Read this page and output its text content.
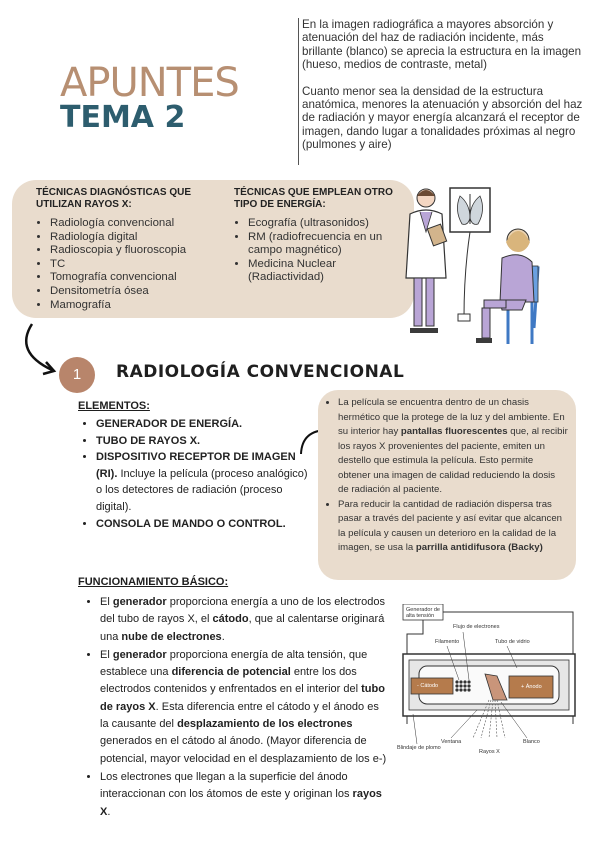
APUNTES
TEMA 2

En la imagen radiográfica a mayores absorción y atenuación del haz de radiación incidente, más brillante (blanco) se aprecia la estructura en la imagen (hueso, medios de contraste, metal)

Cuanto menor sea la densidad de la estructura anatómica, menores la atenuación y absorción del haz de radiación y mayor energía alcanzará el receptor de imagen, dando lugar a tonalidades próximas al negro (pulmones y aire)

TÉCNICAS DIAGNÓSTICAS QUE UTILIZAN RAYOS X:
• Radiología convencional
• Radiología digital
• Radioscopia y fluoroscopia
• TC
• Tomografía convencional
• Densitometría ósea
• Mamografía
TÉCNICAS QUE EMPLEAN OTRO TIPO DE ENERGÍA:
• Ecografía (ultrasonidos)
• RM (radiofrecuencia en un campo magnético)
• Medicina Nuclear (Radiactividad)
1	RADIOLOGÍA CONVENCIONAL
ELEMENTOS:
• GENERADOR DE ENERGÍA.
• TUBO DE RAYOS X.
• DISPOSITIVO RECEPTOR DE IMAGEN (RI). Incluye la película (proceso analógico) o los detectores de radiación (proceso digital).
• CONSOLA DE MANDO O CONTROL.
• La película se encuentra dentro de un chasis hermético que la protege de la luz y del ambiente. En su interior hay pantallas fluorescentes que, al recibir los rayos X provenientes del paciente, emiten un destello que estimula la película. Esto permite obtener una imagen de calidad reduciendo la dosis de radiación al paciente.
• Para reducir la cantidad de radiación dispersa tras pasar a través del paciente y así evitar que alcancen la película y causen un deterioro en la calidad de la imagen, se usa la parrilla antidifusora (Backy)
FUNCIONAMIENTO BÁSICO:
• El generador proporciona energía a uno de los electrodos del tubo de rayos X, el cátodo, que al calentarse originará una nube de electrones.
• El generador proporciona energía de alta tensión, que establece una diferencia de potencial entre los dos electrodos contenidos y enfrentados en el interior del tubo de rayos X. Esta diferencia entre el cátodo y el ánodo es la causante del desplazamiento de los electrones generados en el cátodo al ánodo. (Mayor diferencia de potencial, mayor velocidad en el desplazamiento de los e-)
• Los electrones que llegan a la superficie del ánodo interaccionan con los átomos de este y originan los rayos X.
Generador de alta tensión
Flujo de electrones
Filamento	Tubo de vidrio
- Cátodo	+ Ánodo
Blindaje de plomo
Ventana	Blanco
Rayos X
